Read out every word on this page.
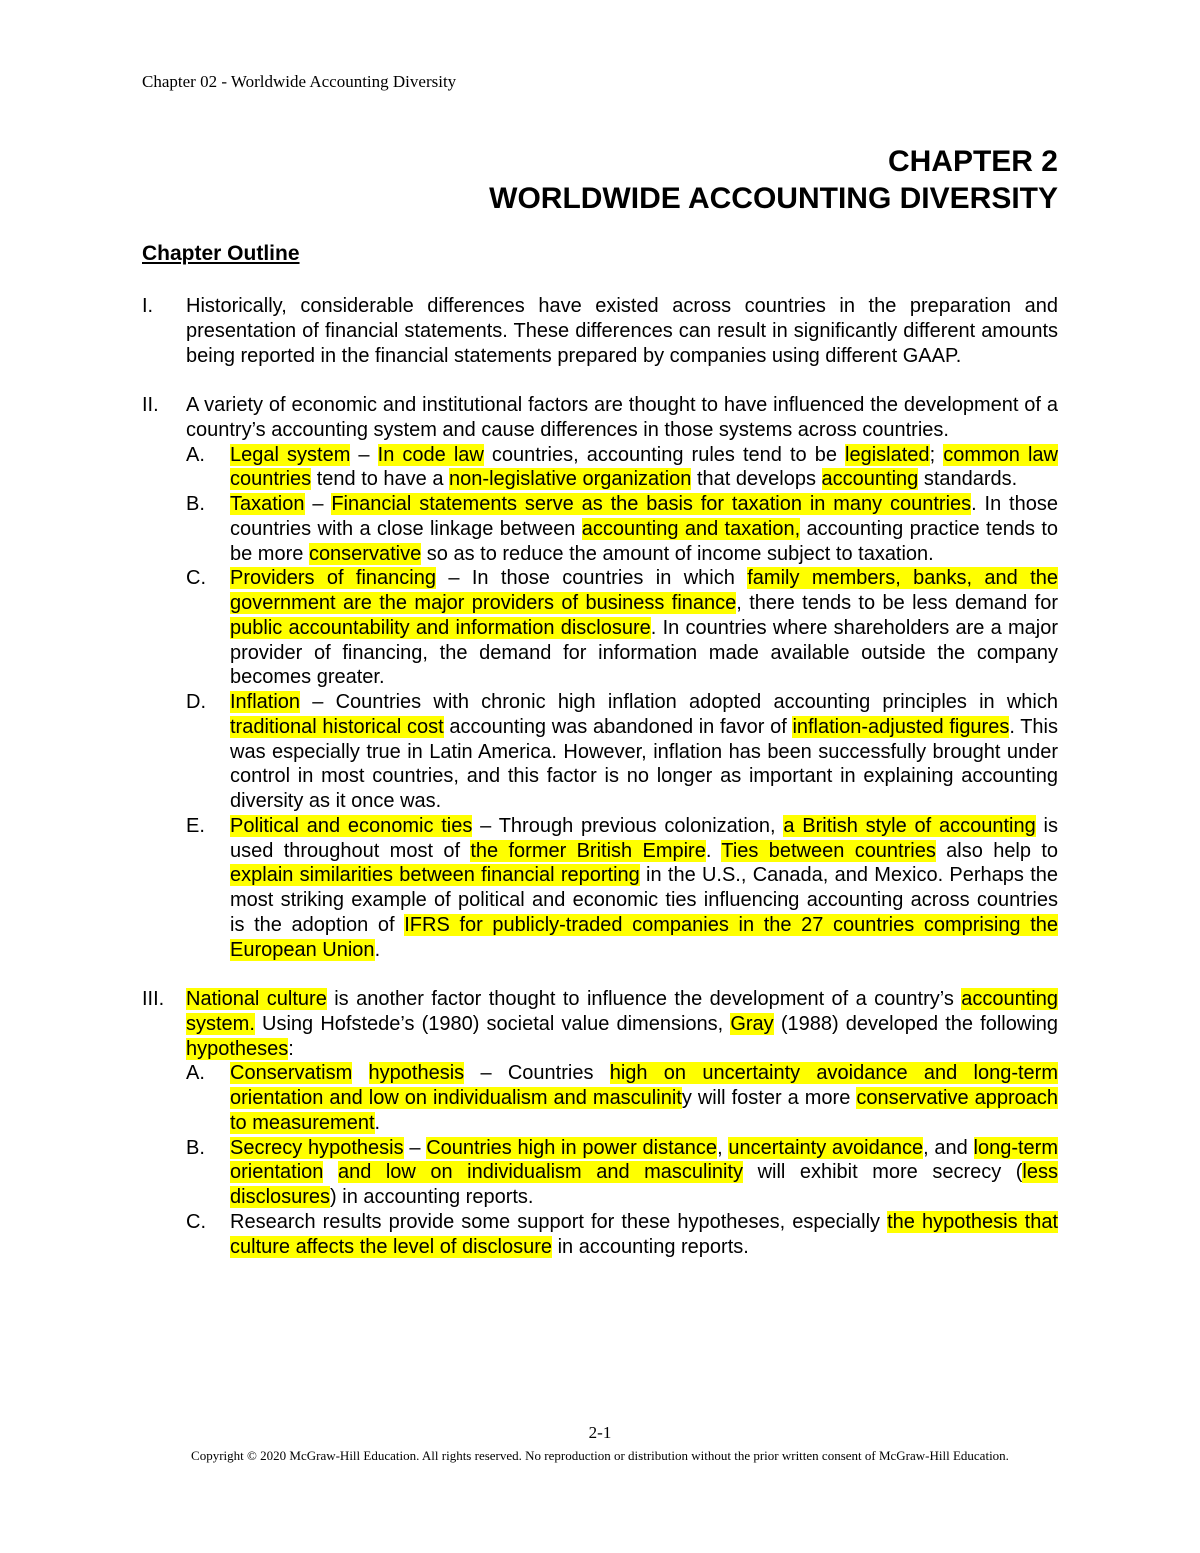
Chapter 02 - Worldwide Accounting Diversity
CHAPTER 2
WORLDWIDE ACCOUNTING DIVERSITY
Chapter Outline
I.	Historically, considerable differences have existed across countries in the preparation and presentation of financial statements. These differences can result in significantly different amounts being reported in the financial statements prepared by companies using different GAAP.
II.	A variety of economic and institutional factors are thought to have influenced the development of a country’s accounting system and cause differences in those systems across countries.
A.	Legal system – In code law countries, accounting rules tend to be legislated; common law countries tend to have a non-legislative organization that develops accounting standards.
B.	Taxation – Financial statements serve as the basis for taxation in many countries. In those countries with a close linkage between accounting and taxation, accounting practice tends to be more conservative so as to reduce the amount of income subject to taxation.
C.	Providers of financing – In those countries in which family members, banks, and the government are the major providers of business finance, there tends to be less demand for public accountability and information disclosure. In countries where shareholders are a major provider of financing, the demand for information made available outside the company becomes greater.
D.	Inflation – Countries with chronic high inflation adopted accounting principles in which traditional historical cost accounting was abandoned in favor of inflation-adjusted figures. This was especially true in Latin America. However, inflation has been successfully brought under control in most countries, and this factor is no longer as important in explaining accounting diversity as it once was.
E.	Political and economic ties – Through previous colonization, a British style of accounting is used throughout most of the former British Empire. Ties between countries also help to explain similarities between financial reporting in the U.S., Canada, and Mexico. Perhaps the most striking example of political and economic ties influencing accounting across countries is the adoption of IFRS for publicly-traded companies in the 27 countries comprising the European Union.
III.	National culture is another factor thought to influence the development of a country’s accounting system. Using Hofstede’s (1980) societal value dimensions, Gray (1988) developed the following hypotheses:
A.	Conservatism hypothesis – Countries high on uncertainty avoidance and long-term orientation and low on individualism and masculinity will foster a more conservative approach to measurement.
B.	Secrecy hypothesis – Countries high in power distance, uncertainty avoidance, and long-term orientation and low on individualism and masculinity will exhibit more secrecy (less disclosures) in accounting reports.
C.	Research results provide some support for these hypotheses, especially the hypothesis that culture affects the level of disclosure in accounting reports.
2-1
Copyright © 2020 McGraw-Hill Education. All rights reserved. No reproduction or distribution without the prior written consent of McGraw-Hill Education.
